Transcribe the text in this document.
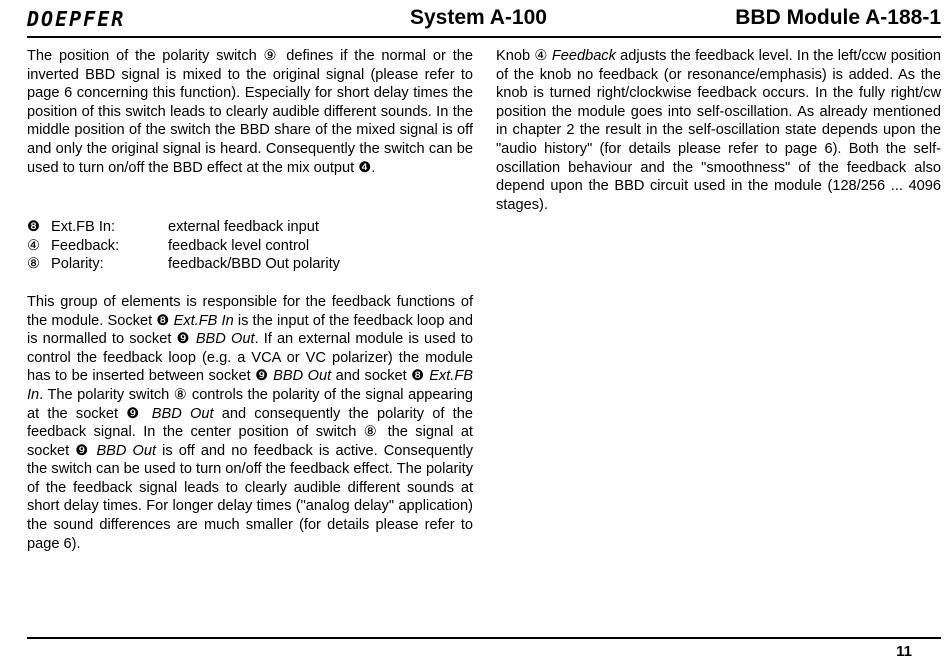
DOEPFER	System A-100	BBD Module A-188-1

The position of the polarity switch ⑨ defines if the normal or the inverted BBD signal is mixed to the original signal (please refer to page 6 concerning this function). Especially for short delay times the position of this switch leads to clearly audible different sounds. In the middle position of the switch the BBD share of the mixed signal is off and only the original signal is heard. Consequently the switch can be used to turn on/off the BBD effect at the mix output ❹.

❽ Ext.FB In:	external feedback input
④ Feedback:	feedback level control
⑧ Polarity:	feedback/BBD Out polarity

This group of elements is responsible for the feedback functions of the module. Socket ❽ Ext.FB In is the input of the feedback loop and is normalled to socket ❾ BBD Out. If an external module is used to control the feedback loop (e.g. a VCA or VC polarizer) the module has to be inserted between socket ❾ BBD Out and socket ❽ Ext.FB In. The polarity switch ⑧ controls the polarity of the signal appearing at the socket ❾ BBD Out and consequently the polarity of the feedback signal. In the center position of switch ⑧ the signal at socket ❾ BBD Out is off and no feedback is active. Consequently the switch can be used to turn on/off the feedback effect. The polarity of the feedback signal leads to clearly audible different sounds at short delay times. For longer delay times ("analog delay" application) the sound differences are much smaller (for details please refer to page 6).

Knob ④ Feedback adjusts the feedback level. In the left/ccw position of the knob no feedback (or resonance/emphasis) is added. As the knob is turned right/clockwise feedback occurs. In the fully right/cw position the module goes into self-oscillation. As already mentioned in chapter 2 the result in the self-oscillation state depends upon the "audio history" (for details please refer to page 6). Both the self-oscillation behaviour and the "smoothness" of the feedback also depend upon the BBD circuit used in the module (128/256 ... 4096 stages).

11
